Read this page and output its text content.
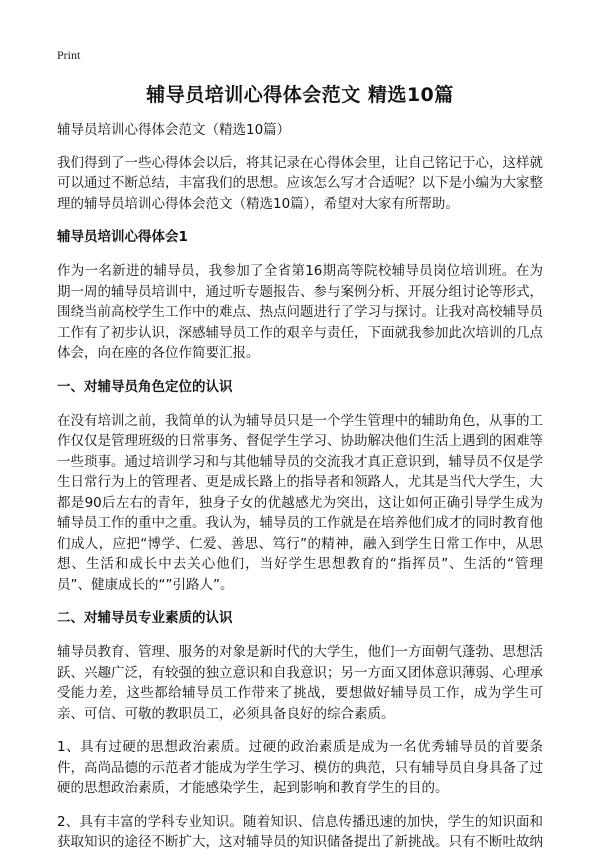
Print
辅导员培训心得体会范文 精选10篇

辅导员培训心得体会范文（精选10篇）

我们得到了一些心得体会以后，将其记录在心得体会里，让自己铭记于心，这样就可以通过不断总结，丰富我们的思想。应该怎么写才合适呢？以下是小编为大家整理的辅导员培训心得体会范文（精选10篇），希望对大家有所帮助。

辅导员培训心得体会1

作为一名新进的辅导员，我参加了全省第16期高等院校辅导员岗位培训班。在为期一周的辅导员培训中，通过听专题报告、参与案例分析、开展分组讨论等形式，围绕当前高校学生工作中的难点、热点问题进行了学习与探讨。让我对高校辅导员工作有了初步认识，深感辅导员工作的艰辛与责任，下面就我参加此次培训的几点体会，向在座的各位作简要汇报。

一、对辅导员角色定位的认识

在没有培训之前，我简单的认为辅导员只是一个学生管理中的辅助角色，从事的工作仅仅是管理班级的日常事务、督促学生学习、协助解决他们生活上遇到的困难等一些琐事。通过培训学习和与其他辅导员的交流我才真正意识到，辅导员不仅是学生日常行为上的管理者、更是成长路上的指导者和领路人，尤其是当代大学生，大都是90后左右的青年，独身子女的优越感尤为突出，这让如何正确引导学生成为辅导员工作的重中之重。我认为，辅导员的工作就是在培养他们成才的同时教育他们成人，应把“博学、仁爱、善思、笃行”的精神，融入到学生日常工作中，从思想、生活和成长中去关心他们，当好学生思想教育的“指挥员”、生活的“管理员”、健康成长的“”引路人”。

二、对辅导员专业素质的认识

辅导员教育、管理、服务的对象是新时代的大学生，他们一方面朝气蓬勃、思想活跃、兴趣广泛，有较强的独立意识和自我意识；另一方面又团体意识薄弱、心理承受能力差，这些都给辅导员工作带来了挑战，要想做好辅导员工作，成为学生可亲、可信、可敬的教职员工，必须具备良好的综合素质。

1、具有过硬的思想政治素质。过硬的政治素质是成为一名优秀辅导员的首要条件，高尚品德的示范者才能成为学生学习、模仿的典范，只有辅导员自身具备了过硬的思想政治素质，才能感染学生，起到影响和教育学生的目的。

2、具有丰富的学科专业知识。随着知识、信息传播迅速的加快，学生的知识面和获取知识的途径不断扩大，这对辅导员的知识储备提出了新挑战。只有不断吐故纳
